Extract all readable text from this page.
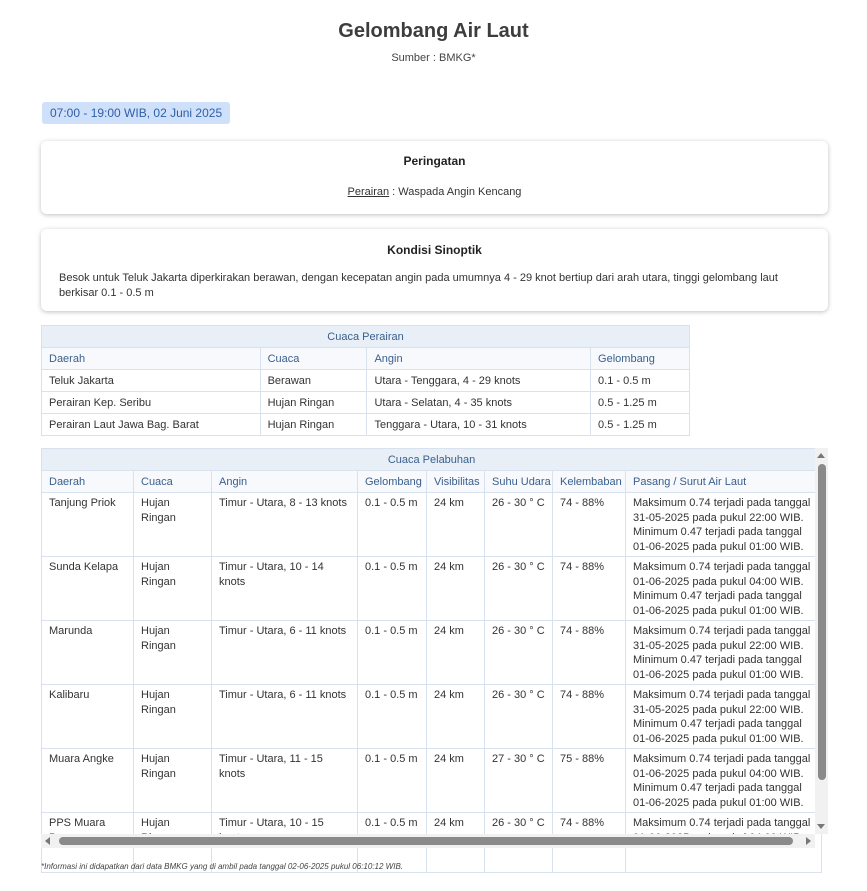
Gelombang Air Laut
Sumber : BMKG*
07:00 - 19:00 WIB, 02 Juni 2025
Peringatan
Perairan : Waspada Angin Kencang
Kondisi Sinoptik
Besok untuk Teluk Jakarta diperkirakan berawan, dengan kecepatan angin pada umumnya 4 - 29 knot bertiup dari arah utara, tinggi gelombang laut berkisar 0.1 - 0.5 m
Cuaca Perairan			
Daerah	Cuaca	Angin	Gelombang
Teluk Jakarta	Berawan	Utara - Tenggara, 4 - 29 knots	0.1 - 0.5 m
Perairan Kep. Seribu	Hujan Ringan	Utara - Selatan, 4 - 35 knots	0.5 - 1.25 m
Perairan Laut Jawa Bag. Barat	Hujan Ringan	Tenggara - Utara, 10 - 31 knots	0.5 - 1.25 m
Cuaca Pelabuhan							
Daerah	Cuaca	Angin	Gelombang	Visibilitas	Suhu Udara	Kelembaban	Pasang / Surut Air Laut
Tanjung Priok	Hujan Ringan	Timur - Utara, 8 - 13 knots	0.1 - 0.5 m	24 km	26 - 30 ° C	74 - 88%	Maksimum 0.74 terjadi pada tanggal 31-05-2025 pada pukul 22:00 WIB. Minimum 0.47 terjadi pada tanggal 01-06-2025 pada pukul 01:00 WIB.
Sunda Kelapa	Hujan Ringan	Timur - Utara, 10 - 14 knots	0.1 - 0.5 m	24 km	26 - 30 ° C	74 - 88%	Maksimum 0.74 terjadi pada tanggal 01-06-2025 pada pukul 04:00 WIB. Minimum 0.47 terjadi pada tanggal 01-06-2025 pada pukul 01:00 WIB.
Marunda	Hujan Ringan	Timur - Utara, 6 - 11 knots	0.1 - 0.5 m	24 km	26 - 30 ° C	74 - 88%	Maksimum 0.74 terjadi pada tanggal 31-05-2025 pada pukul 22:00 WIB. Minimum 0.47 terjadi pada tanggal 01-06-2025 pada pukul 01:00 WIB.
Kalibaru	Hujan Ringan	Timur - Utara, 6 - 11 knots	0.1 - 0.5 m	24 km	26 - 30 ° C	74 - 88%	Maksimum 0.74 terjadi pada tanggal 31-05-2025 pada pukul 22:00 WIB. Minimum 0.47 terjadi pada tanggal 01-06-2025 pada pukul 01:00 WIB.
Muara Angke	Hujan Ringan	Timur - Utara, 11 - 15 knots	0.1 - 0.5 m	24 km	27 - 30 ° C	75 - 88%	Maksimum 0.74 terjadi pada tanggal 01-06-2025 pada pukul 04:00 WIB. Minimum 0.47 terjadi pada tanggal 01-06-2025 pada pukul 01:00 WIB.
PPS Muara	Hujan	Timur - Utara, 10 - 15	0.1 - 0.5 m	24 km	26 - 30 ° C	74 - 88%	Maksimum 0.74 terjadi pada tanggal
*Informasi ini didapatkan dari data BMKG yang di ambil pada tanggal 02-06-2025 pukul 06:10:12 WIB.
